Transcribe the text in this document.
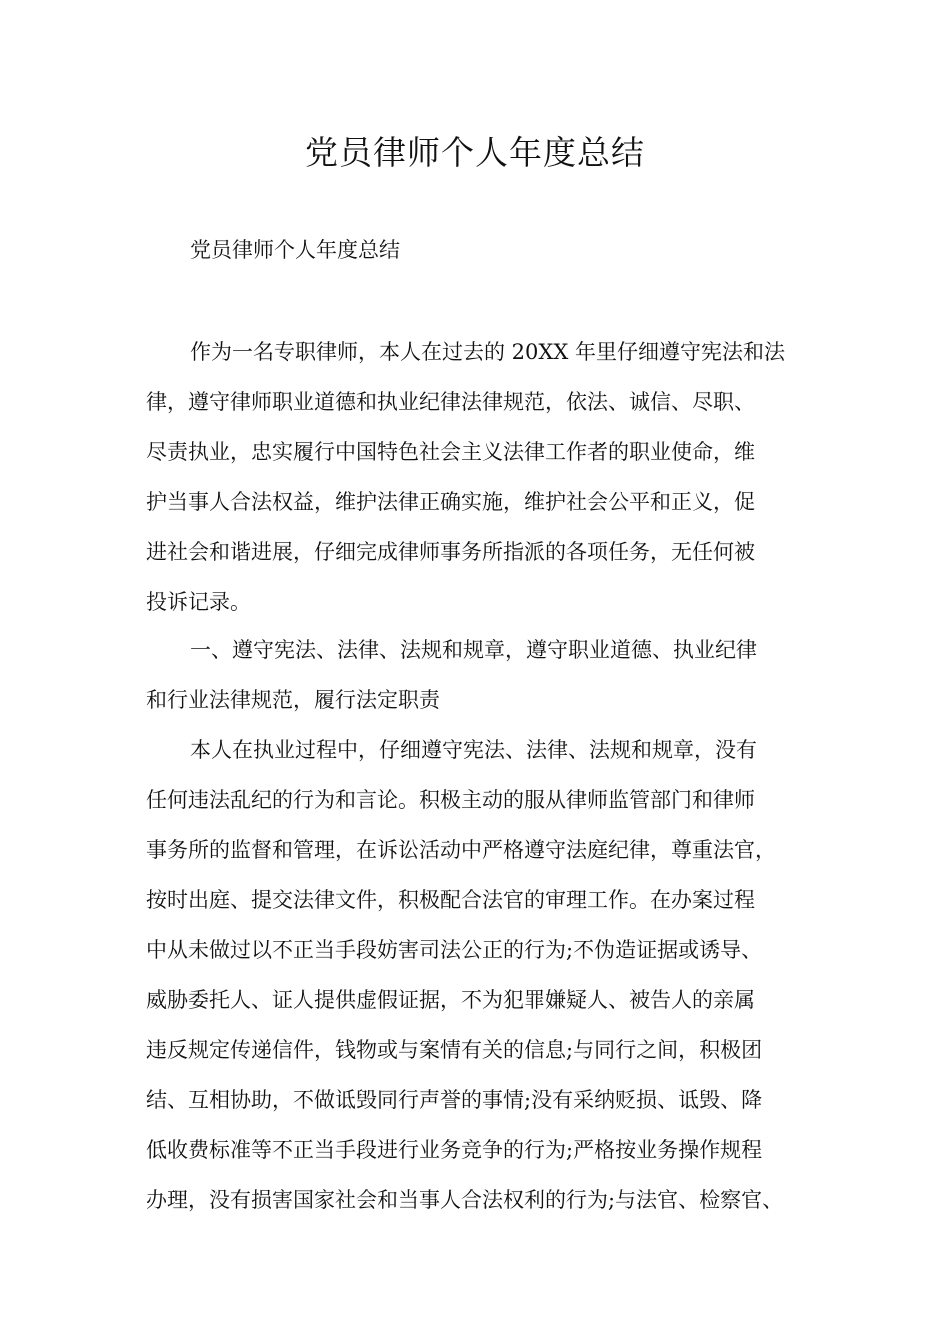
党员律师个人年度总结
党员律师个人年度总结
作为一名专职律师，本人在过去的 20XX 年里仔细遵守宪法和法
律，遵守律师职业道德和执业纪律法律规范，依法、诚信、尽职、
尽责执业，忠实履行中国特色社会主义法律工作者的职业使命，维
护当事人合法权益，维护法律正确实施，维护社会公平和正义，促
进社会和谐进展，仔细完成律师事务所指派的各项任务，无任何被
投诉记录。
一、遵守宪法、法律、法规和规章，遵守职业道德、执业纪律
和行业法律规范，履行法定职责
本人在执业过程中，仔细遵守宪法、法律、法规和规章，没有
任何违法乱纪的行为和言论。积极主动的服从律师监管部门和律师
事务所的监督和管理，在诉讼活动中严格遵守法庭纪律，尊重法官，
按时出庭、提交法律文件，积极配合法官的审理工作。在办案过程
中从未做过以不正当手段妨害司法公正的行为;不伪造证据或诱导、
威胁委托人、证人提供虚假证据，不为犯罪嫌疑人、被告人的亲属
违反规定传递信件，钱物或与案情有关的信息;与同行之间，积极团
结、互相协助，不做诋毁同行声誉的事情;没有采纳贬损、诋毁、降
低收费标准等不正当手段进行业务竞争的行为;严格按业务操作规程
办理，没有损害国家社会和当事人合法权利的行为;与法官、检察官、
